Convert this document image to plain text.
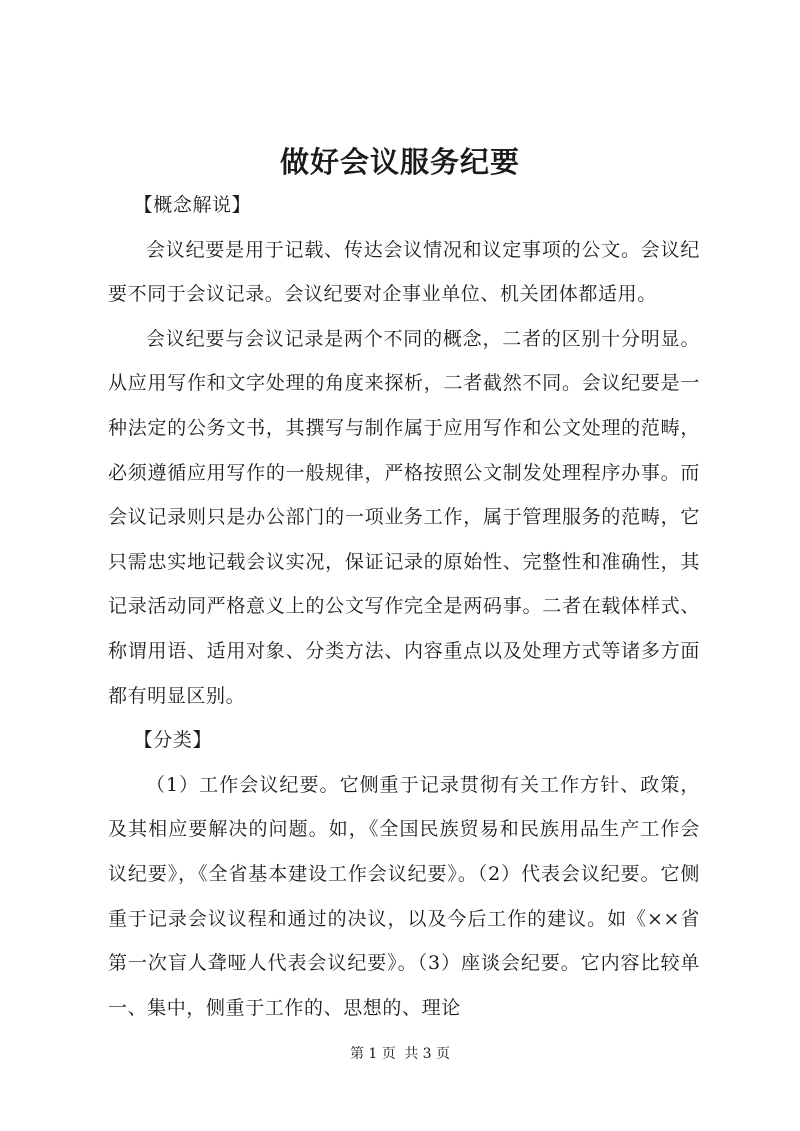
做好会议服务纪要

【概念解说】

会议纪要是用于记载、传达会议情况和议定事项的公文。会议纪要不同于会议记录。会议纪要对企事业单位、机关团体都适用。

会议纪要与会议记录是两个不同的概念，二者的区别十分明显。从应用写作和文字处理的角度来探析，二者截然不同。会议纪要是一种法定的公务文书，其撰写与制作属于应用写作和公文处理的范畴，必须遵循应用写作的一般规律，严格按照公文制发处理程序办事。而会议记录则只是办公部门的一项业务工作，属于管理服务的范畴，它只需忠实地记载会议实况，保证记录的原始性、完整性和准确性，其记录活动同严格意义上的公文写作完全是两码事。二者在载体样式、称谓用语、适用对象、分类方法、内容重点以及处理方式等诸多方面都有明显区别。

【分类】

（1）工作会议纪要。它侧重于记录贯彻有关工作方针、政策，及其相应要解决的问题。如，《全国民族贸易和民族用品生产工作会议纪要》，《全省基本建设工作会议纪要》。（2）代表会议纪要。它侧重于记录会议议程和通过的决议，以及今后工作的建议。如《××省第一次盲人聋哑人代表会议纪要》。（3）座谈会纪要。它内容比较单一、集中，侧重于工作的、思想的、理论

第 1 页 共 3 页
